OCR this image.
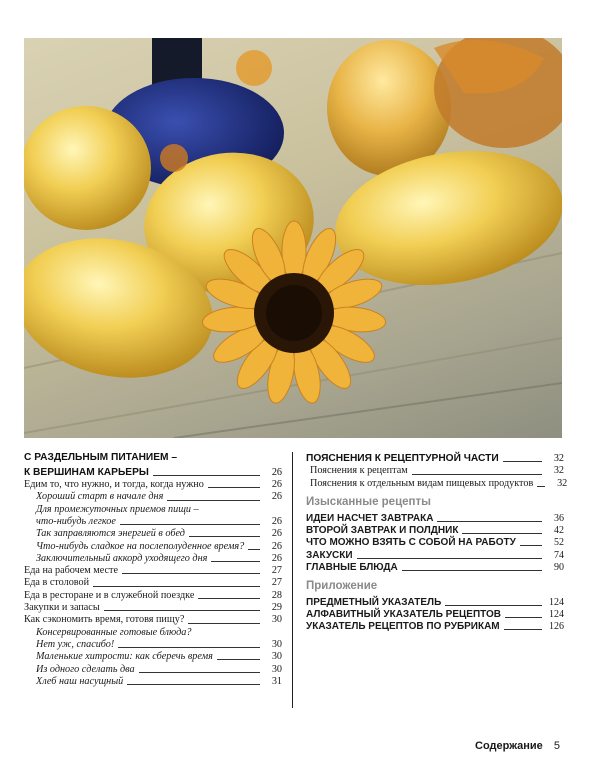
С РАЗДЕЛЬНЫМ ПИТАНИЕМ –
К ВЕРШИНАМ КАРЬЕРЫ	26
Едим то, что нужно, и тогда, когда нужно	26
Хороший старт в начале дня	26
Для промежуточных приемов пищи –
что-нибудь легкое	26
Так заправляются энергией в обед	26
Что-нибудь сладкое на послеполуденное время?	26
Заключительный аккорд уходящего дня	26
Еда на рабочем месте	27
Еда в столовой	27
Еда в ресторане и в служебной поездке	28
Закупки и запасы	29
Как сэкономить время, готовя пищу?	30
Консервированные готовые блюда?
Нет уж, спасибо!	30
Маленькие хитрости: как сберечь время	30
Из одного сделать два	30
Хлеб наш насущный	31
ПОЯСНЕНИЯ К РЕЦЕПТУРНОЙ ЧАСТИ	32
Пояснения к рецептам	32
Пояснения к отдельным видам пищевых продуктов	32
Изысканные рецепты
ИДЕИ НАСЧЕТ ЗАВТРАКА	36
ВТОРОЙ ЗАВТРАК И ПОЛДНИК	42
ЧТО МОЖНО ВЗЯТЬ С СОБОЙ НА РАБОТУ	52
ЗАКУСКИ	74
ГЛАВНЫЕ БЛЮДА	90
Приложение
ПРЕДМЕТНЫЙ УКАЗАТЕЛЬ	124
АЛФАВИТНЫЙ УКАЗАТЕЛЬ РЕЦЕПТОВ	124
УКАЗАТЕЛЬ РЕЦЕПТОВ ПО РУБРИКАМ	126
Содержание 5
